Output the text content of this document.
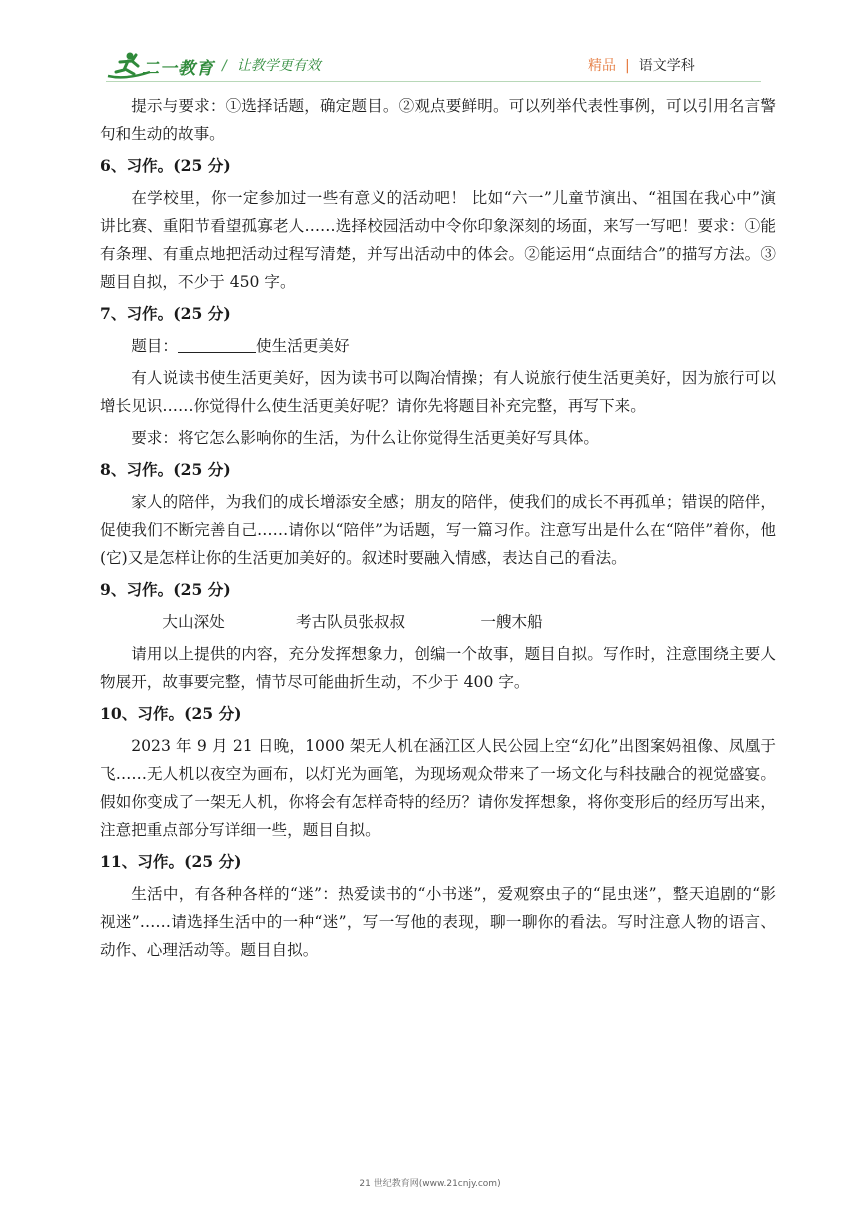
二一教育 / 让教学更有效	精品 | 语文学科

提示与要求：①选择话题，确定题目。②观点要鲜明。可以列举代表性事例，可以引用名言警句和生动的故事。

6、习作。(25 分)

在学校里，你一定参加过一些有意义的活动吧！ 比如“六一”儿童节演出、“祖国在我心中”演讲比赛、重阳节看望孤寡老人……选择校园活动中令你印象深刻的场面，来写一写吧！要求：①能有条理、有重点地把活动过程写清楚，并写出活动中的体会。②能运用“点面结合”的描写方法。③题目自拟，不少于 450 字。

7、习作。(25 分)

题目：	使生活更美好

有人说读书使生活更美好，因为读书可以陶冶情操；有人说旅行使生活更美好，因为旅行可以增长见识……你觉得什么使生活更美好呢？请你先将题目补充完整，再写下来。

要求：将它怎么影响你的生活，为什么让你觉得生活更美好写具体。

8、习作。(25 分)

家人的陪伴，为我们的成长增添安全感；朋友的陪伴，使我们的成长不再孤单；错误的陪伴，促使我们不断完善自己……请你以“陪伴”为话题，写一篇习作。注意写出是什么在“陪伴”着你，他(它)又是怎样让你的生活更加美好的。叙述时要融入情感，表达自己的看法。

9、习作。(25 分)

大山深处	考古队员张叔叔	一艘木船

请用以上提供的内容，充分发挥想象力，创编一个故事，题目自拟。写作时，注意围绕主要人物展开，故事要完整，情节尽可能曲折生动，不少于 400 字。

10、习作。(25 分)

2023 年 9 月 21 日晚，1000 架无人机在涵江区人民公园上空“幻化”出图案妈祖像、凤凰于飞……无人机以夜空为画布，以灯光为画笔，为现场观众带来了一场文化与科技融合的视觉盛宴。假如你变成了一架无人机，你将会有怎样奇特的经历？请你发挥想象，将你变形后的经历写出来，注意把重点部分写详细一些，题目自拟。

11、习作。(25 分)

生活中，有各种各样的“迷”：热爱读书的“小书迷”，爱观察虫子的“昆虫迷”，整天追剧的“影视迷”……请选择生活中的一种“迷”，写一写他的表现，聊一聊你的看法。写时注意人物的语言、动作、心理活动等。题目自拟。

21 世纪教育网(www.21cnjy.com)
